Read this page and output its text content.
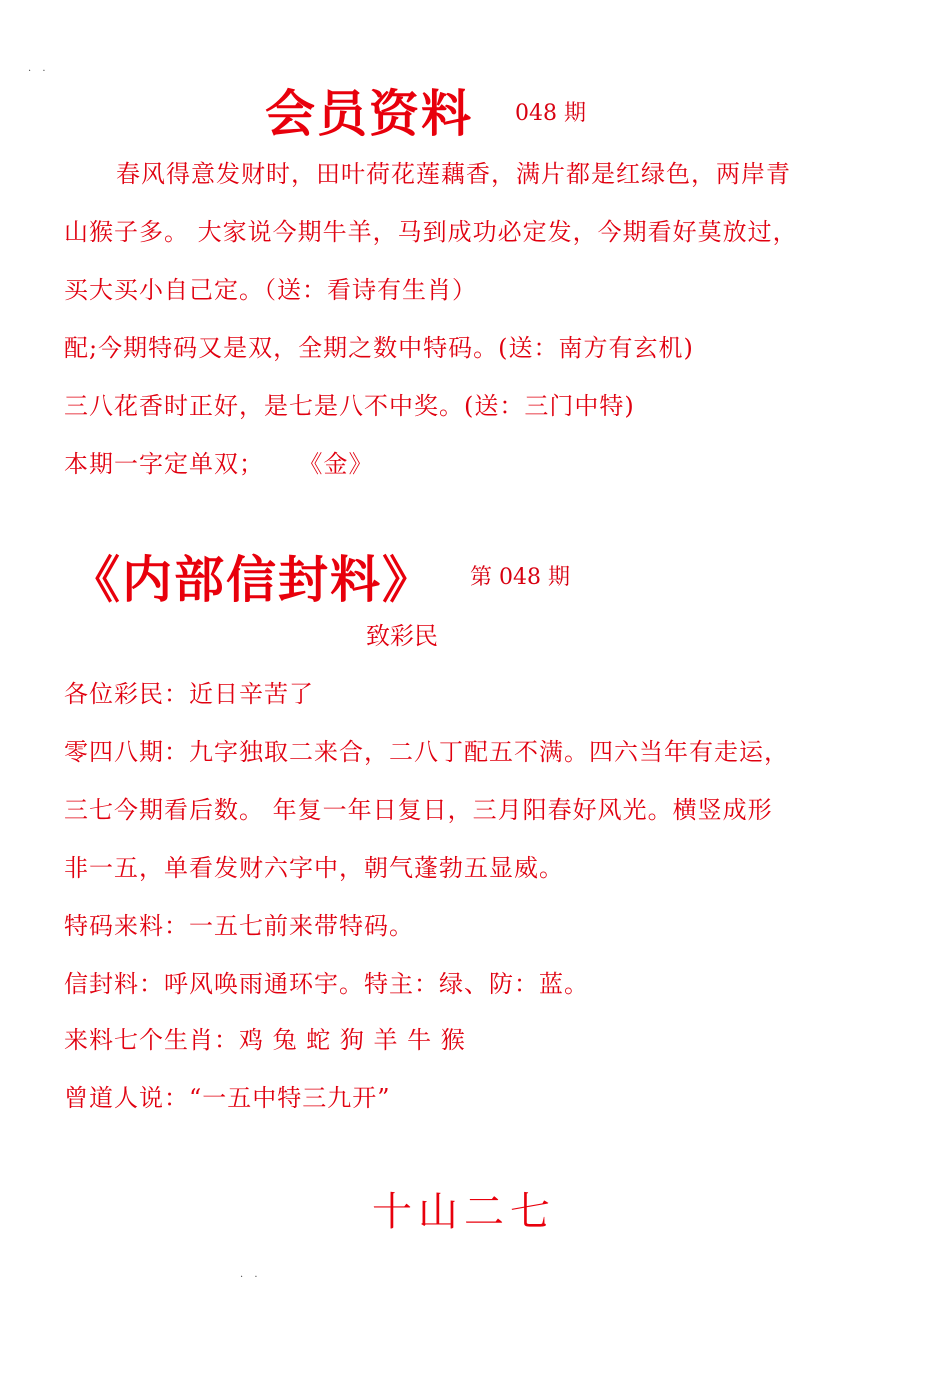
· ·
会员资料 048 期
春风得意发财时，田叶荷花莲藕香，满片都是红绿色，两岸青
山猴子多。 大家说今期牛羊，马到成功必定发，今期看好莫放过，
买大买小自己定。（送：看诗有生肖）
配;今期特码又是双，全期之数中特码。(送：南方有玄机)
三八花香时正好，是七是八不中奖。(送：三门中特)
本期一字定单双；    《金》
《内部信封料》 第 048 期
致彩民
各位彩民：近日辛苦了
零四八期：九字独取二来合，二八丁配五不满。四六当年有走运，
三七今期看后数。 年复一年日复日，三月阳春好风光。横竖成形
非一五，单看发财六字中，朝气蓬勃五显威。
特码来料：一五七前来带特码。
信封料：呼风唤雨通环宇。特主：绿、防：蓝。
来料七个生肖：鸡 兔 蛇 狗 羊 牛 猴
曾道人说：“一五中特三九开”
十山二七
· ·
